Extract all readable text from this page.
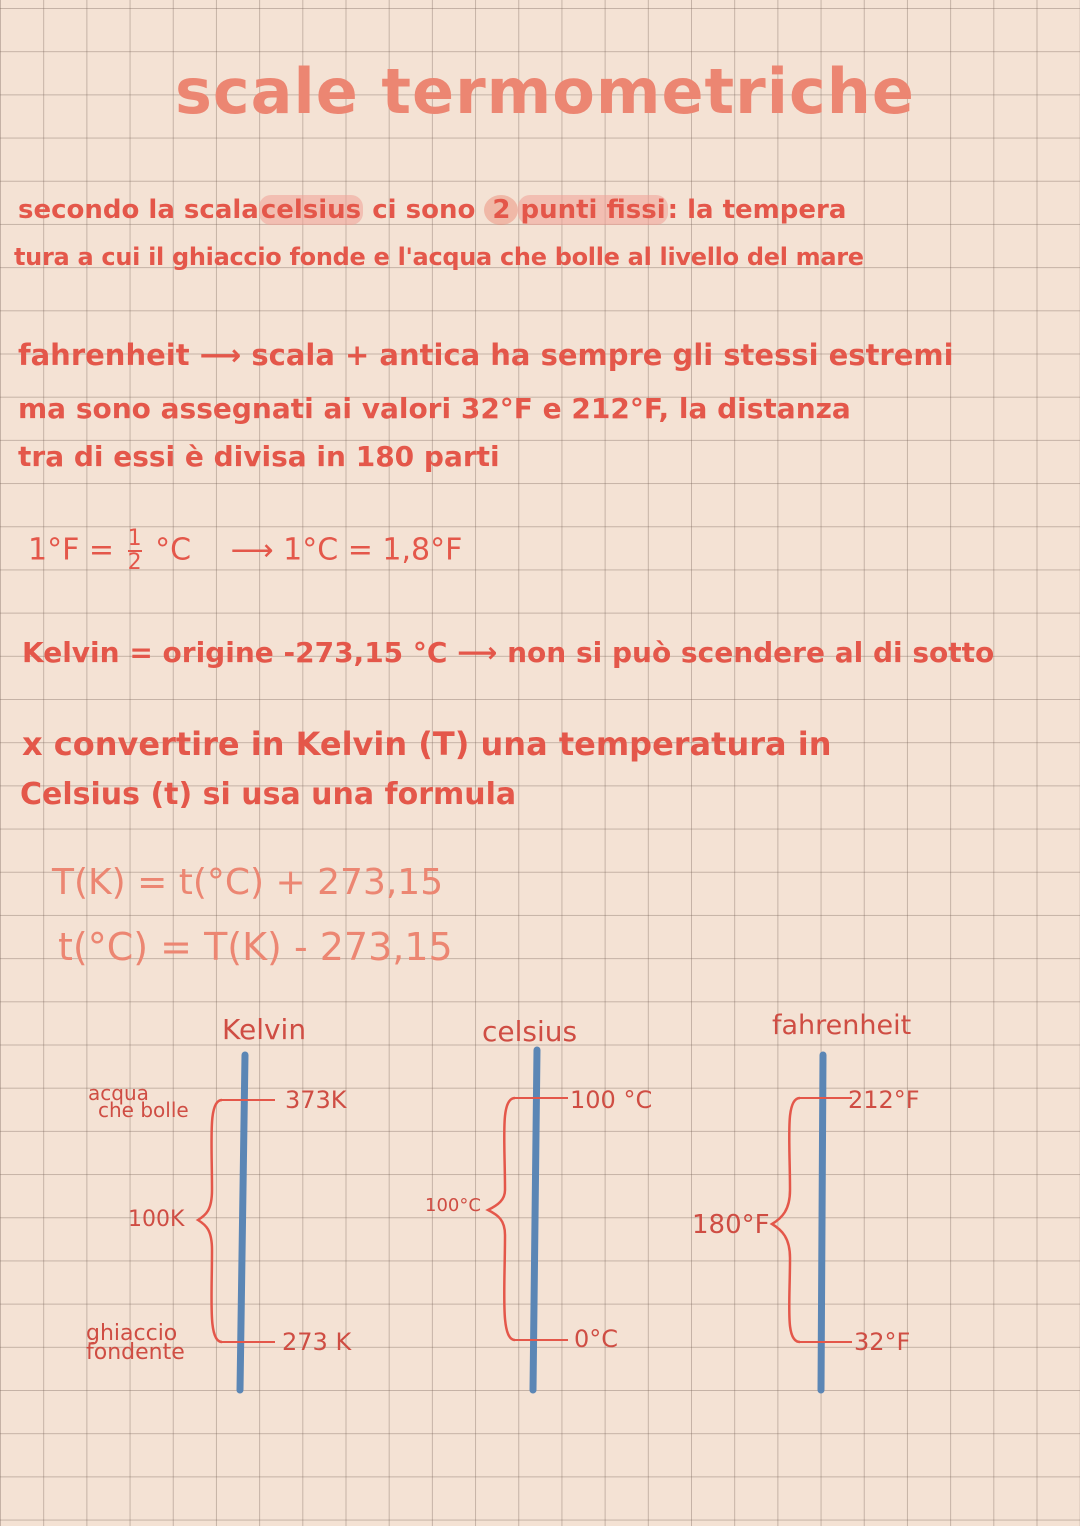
scale termometriche
secondo la scalacelsius ci sono 2 punti fissi: la tempera
tura a cui il ghiaccio fonde e l'acqua che bolle al livello del mare
fahrenheit ⟶ scala + antica ha sempre gli stessi estremi
ma sono assegnati ai valori 32°F e 212°F, la distanza
tra di essi è divisa in 180 parti
$1^\circ F = \frac{1}{2} ^\circ C$ ⟶ 1°C = 1,8°F
Kelvin = origine -273,15 °C ⟶ non si può scendere al di sotto
x convertire in Kelvin (T) una temperatura in
Celsius (t) si usa una formula
T(K) = t(°C) + 273,15
t(°C) = T(K) - 273,15
Kelvin
373K
273 K
100K
acqua
che bolle
ghiaccio
fondente
celsius
100 °C
0°C
100°C
fahrenheit
212°F
32°F
180°F
